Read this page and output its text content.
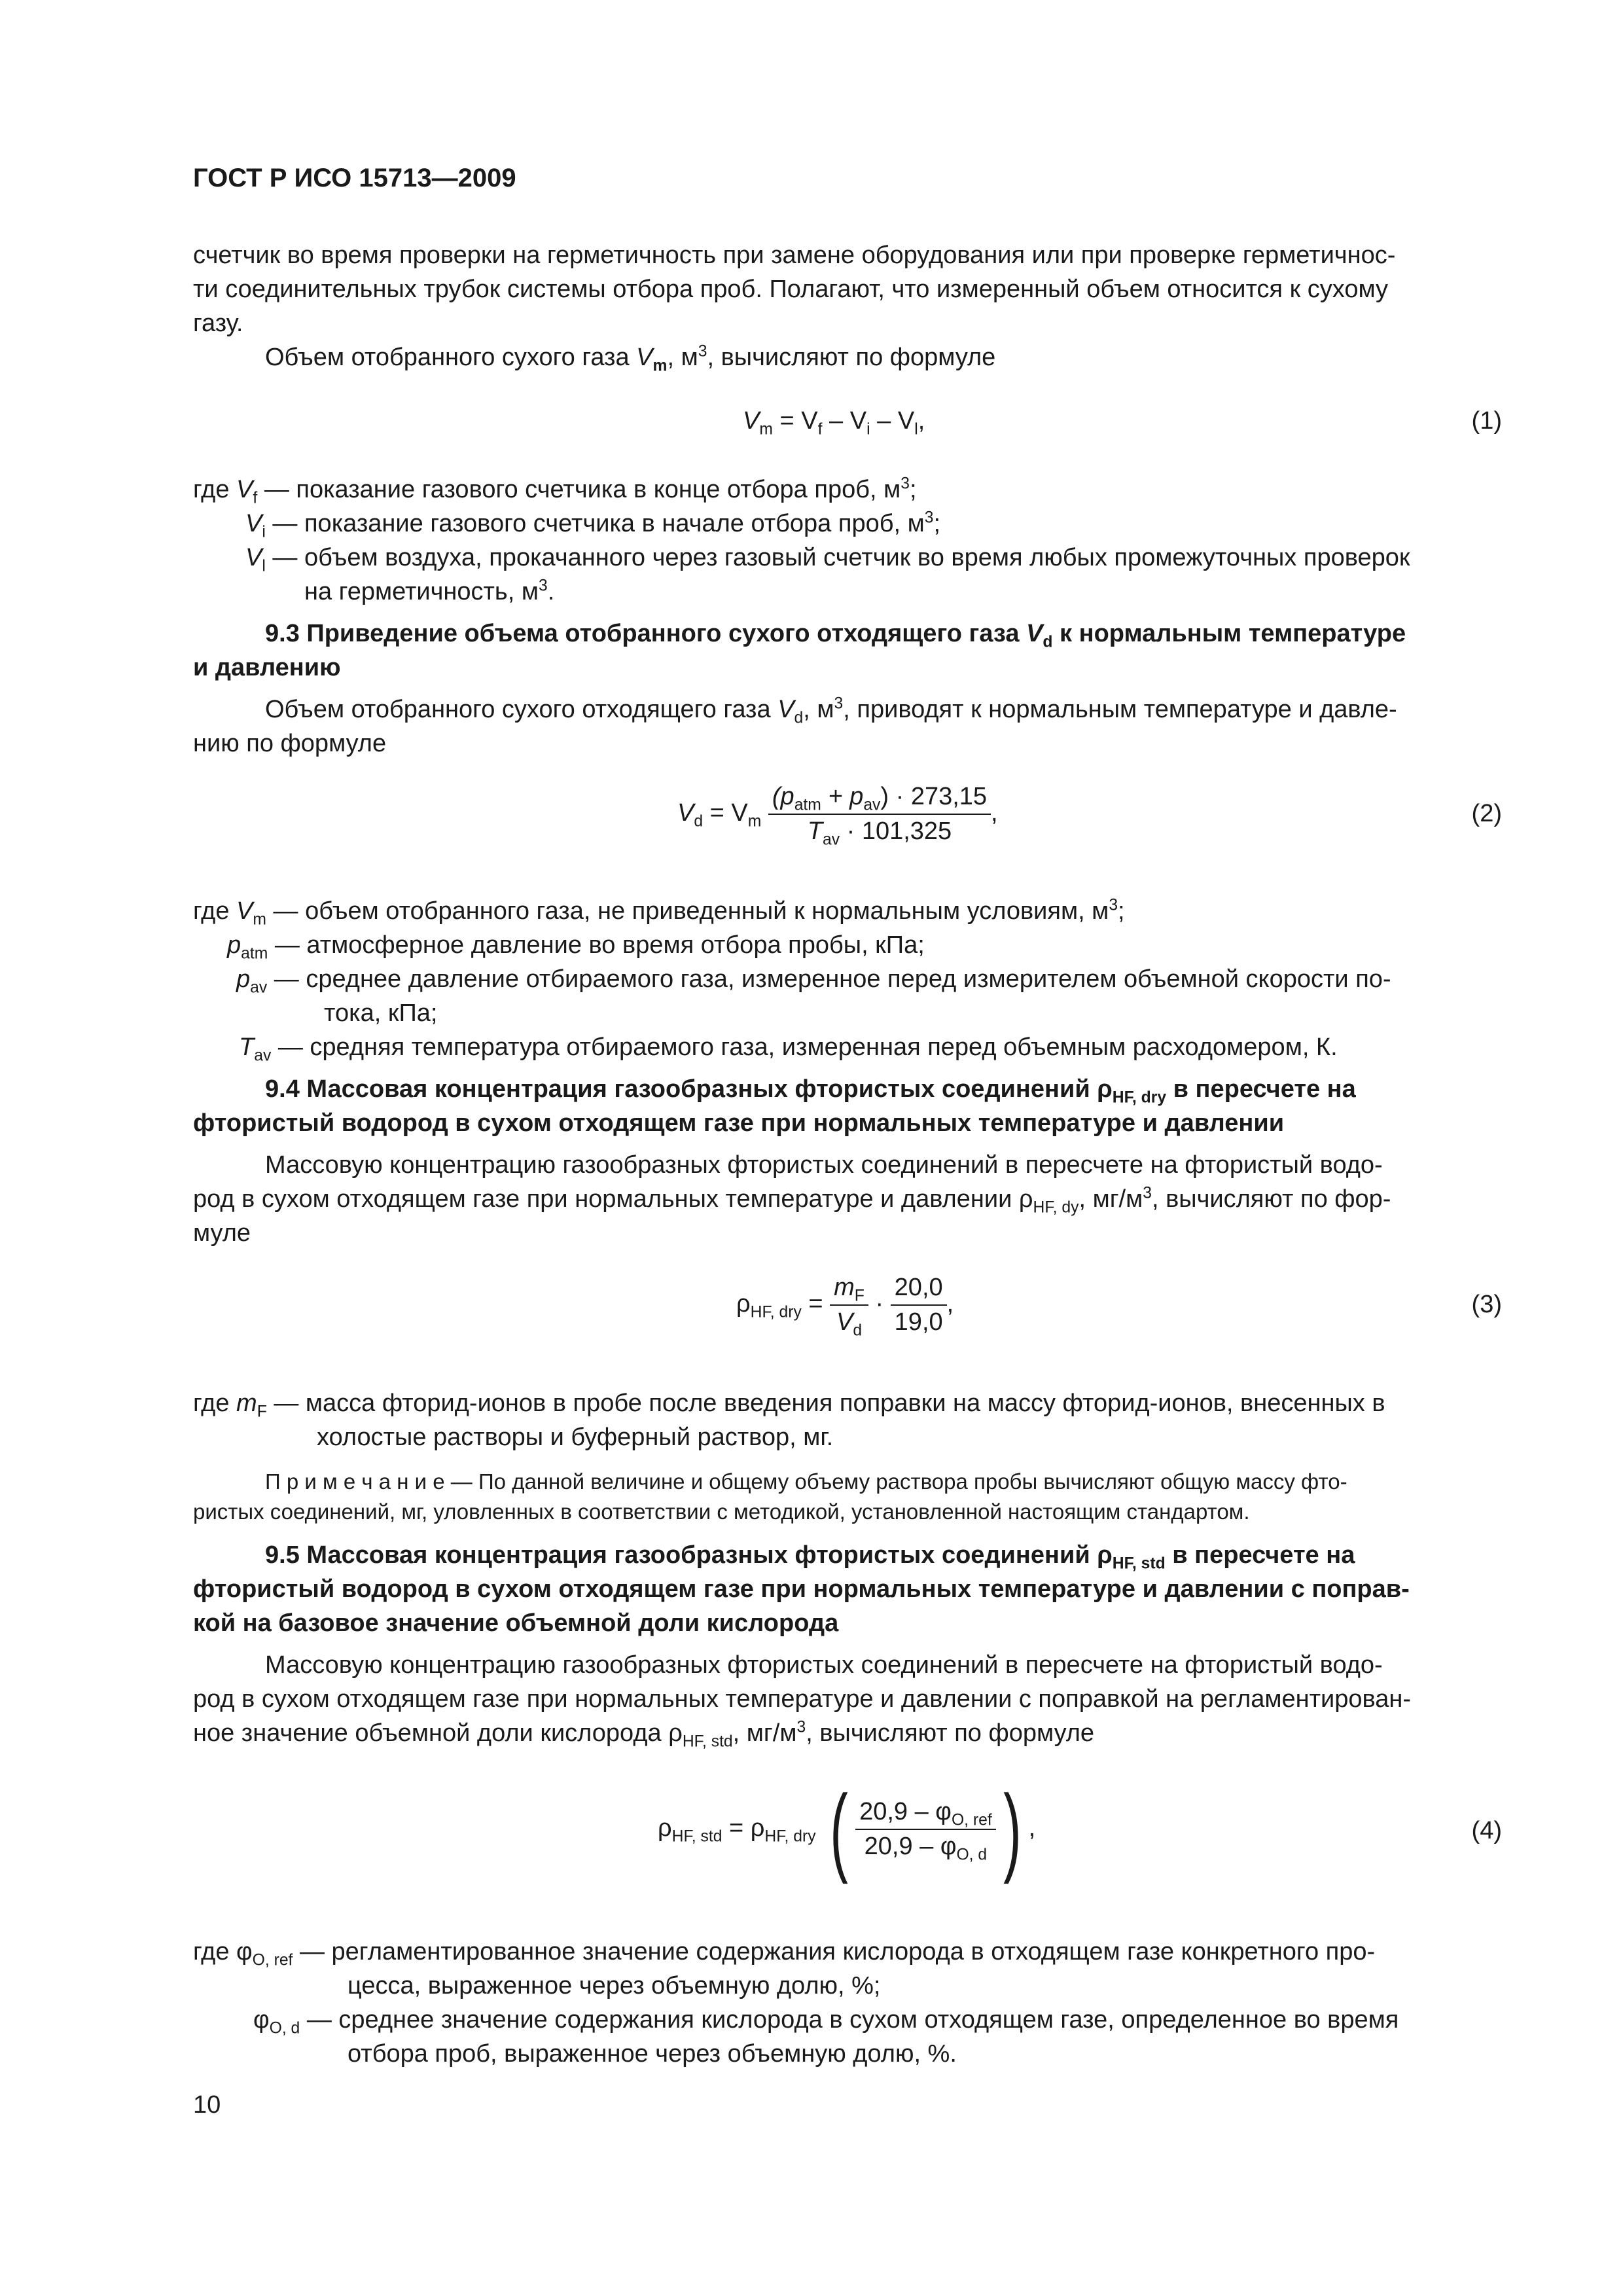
ГОСТ Р ИСО 15713—2009
счетчик во время проверки на герметичность при замене оборудования или при проверке герметичнос-
ти соединительных трубок системы отбора проб. Полагают, что измеренный объем относится к сухому
газу.
Объем отобранного сухого газа $V_m$, $м^3$, вычисляют по формуле
$V_m = V_f - V_i - V_l$,	(1)
где $V_f$ — показание газового счетчика в конце отбора проб, $м^3$;
$V_i$ — показание газового счетчика в начале отбора проб, $м^3$;
$V_l$ — объем воздуха, прокачанного через газовый счетчик во время любых промежуточных проверок
на герметичность, $м^3$.
9.3 Приведение объема отобранного сухого отходящего газа $V_d$ к нормальным температуре
и давлению
Объем отобранного сухого отходящего газа $V_d$, $м^3$, приводят к нормальным температуре и давле-
нию по формуле
$V_d = V_m \frac{(p_{atm} + p_{av}) \cdot 273,15}{T_{av} \cdot 101,325}$ ,	(2)
где $V_m$ — объем отобранного газа, не приведенный к нормальным условиям, $м^3$;
$p_{atm}$ — атмосферное давление во время отбора пробы, кПа;
$p_{av}$ — среднее давление отбираемого газа, измеренное перед измерителем объемной скорости по-
тока, кПа;
$T_{av}$ — средняя температура отбираемого газа, измеренная перед объемным расходомером, К.
9.4 Массовая концентрация газообразных фтористых соединений $\rho_{HF, dry}$ в пересчете на
фтористый водород в сухом отходящем газе при нормальных температуре и давлении
Массовую концентрацию газообразных фтористых соединений в пересчете на фтористый водо-
род в сухом отходящем газе при нормальных температуре и давлении $\rho_{HF, dy}$, $мг/м^3$, вычисляют по фор-
муле
$\rho_{HF, dry} = \frac{m_F}{V_d} \cdot \frac{20,0}{19,0}$ ,	(3)
где $m_F$ — масса фторид-ионов в пробе после введения поправки на массу фторид-ионов, внесенных в
холостые растворы и буферный раствор, мг.
П р и м е ч а н и е — По данной величине и общему объему раствора пробы вычисляют общую массу фто-
ристых соединений, мг, уловленных в соответствии с методикой, установленной настоящим стандартом.
9.5 Массовая концентрация газообразных фтористых соединений $\rho_{HF, std}$ в пересчете на
фтористый водород в сухом отходящем газе при нормальных температуре и давлении с поправ-
кой на базовое значение объемной доли кислорода
Массовую концентрацию газообразных фтористых соединений в пересчете на фтористый водо-
род в сухом отходящем газе при нормальных температуре и давлении с поправкой на регламентирован-
ное значение объемной доли кислорода $\rho_{HF, std}$, $мг/м^3$, вычисляют по формуле
$\rho_{HF, std} = \rho_{HF, dry}$ ( $\frac{20,9 - \varphi_{O, ref}}{20,9 - \varphi_{O, d}}$ ) ,	(4)
где $\varphi_{O, ref}$ — регламентированное значение содержания кислорода в отходящем газе конкретного про-
цесса, выраженное через объемную долю, %;
$\varphi_{O, d}$ — среднее значение содержания кислорода в сухом отходящем газе, определенное во время
отбора проб, выраженное через объемную долю, %.
10
